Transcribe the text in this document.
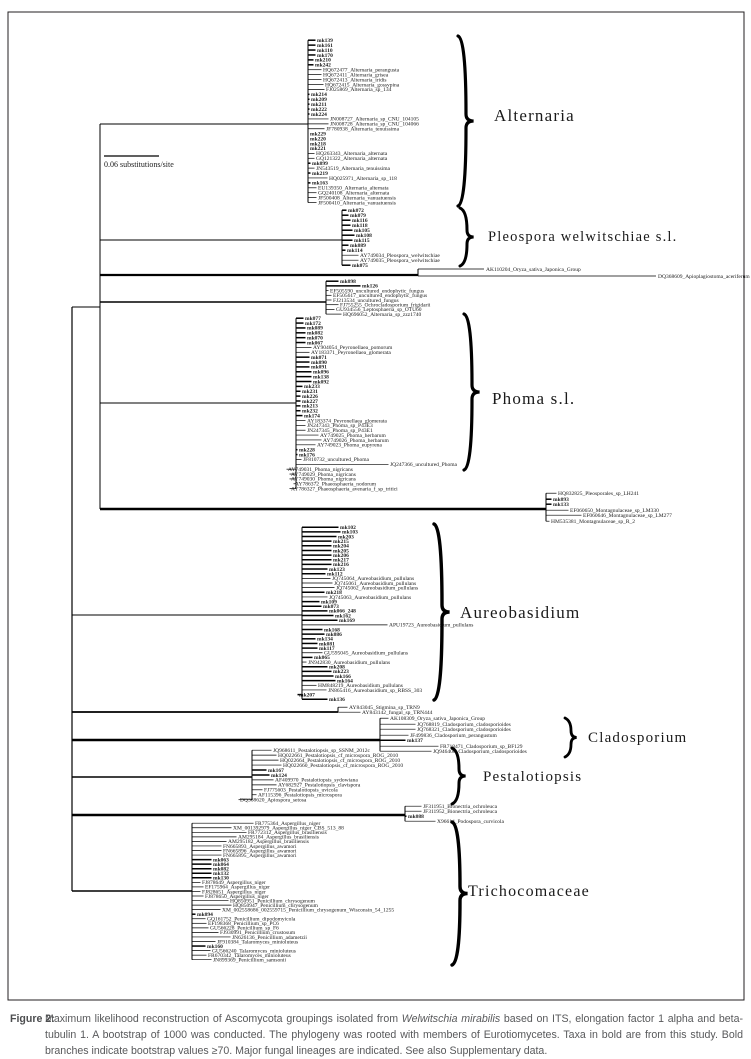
0.06 substitutions/site
mk139
mk161
mk110
mk170
mk210
mk242
HQ672477_Alternaria_perangusta
HQ672411_Alternaria_grisea
HQ672413_Alternaria_iridis
HQ672415_Alternaria_gossypina
FJ025869_Alternaria_sp_134
mk214
mk209
mk211
mk222
mk224
JN008727_Alternaria_sp_CNU_104105
JN008728_Alternaria_sp_CNU_104066
JF780938_Alternaria_tenuissima
mk229
mk220
mk218
mk221
HQ263343_Alternaria_alternata
GQ121322_Alternaria_alternata
mk099
JN543519_Alternaria_tenuissima
mk219
HQ025971_Alternaria_sp_118
mk163
EU139350_Alternaria_alternata
GQ240108_Alternaria_alternata
JF500408_Alternaria_vanuatuensis
JF500410_Alternaria_vanuatuensis
Alternaria
mk072
mk079
mk116
mk118
mk105
mk108
mk115
mk089
mk114
AY749034_Pleospora_welwitschiae
AY749035_Pleospora_welwitschiae
mk075
Pleospora welwitschiae s.l.
AK110204_Oryza_sativa_Japonica_Group
DQ368609_Apioplagiostoma_aceriferum
mk098
mk126
EF505590_uncultured_endophytic_fungus
EF505617_uncultured_endophytic_fungus
FJ213534_uncultured_fungus
FJ755255_Ochrocladosporium_frigidarii
GU934556_Leptosphaeria_sp_OTU60
HQ696052_Alternaria_sp_zzz1740
mk077
mk172
mk089
mk082
mk070
mk067
AY904054_Peyronellaea_pomorum
AY183371_Peyronellaea_glomerata
mk071
mk090
mk091
mk096
mk138
mk092
mk233
mk231
mk226
mk227
mk213
mk232
mk174
AY183374_Peyronellaea_glomerata
JN247343_Phoma_sp_P43E3
JN247345_Phoma_sp_P43E1
AY749025_Phoma_herbarum
AY749026_Phoma_herbarum
AY749023_Phoma_eupyrena
mk228
mk176
JF810732_uncultured_Phoma
JQ247366_uncultured_Phoma
AY749031_Phoma_nigricans
AY749029_Phoma_nigricans
AY749030_Phoma_nigricans
AY786372_Phaeosphaeria_nodorum
AY786327_Phaeosphaeria_avenaria_f_sp_tritici
Phoma s.l.
HQ832825_Pleosporales_sp_LH241
mk093
mk133
EF060650_Montagnulaceae_sp_LM330
EF060646_Montagnulaceae_sp_LM277
HM535381_Montagnulaceae_sp_R_2
mk102
mk103
mk203
mk215
mk204
mk205
mk206
mk217
mk216
mk123
mk112
JQ745064_Aureobasidium_pullulans
JQ745061_Aureobasidium_pullulans
JQ745062_Aureobasidium_pullulans
mk218
JQ745063_Aureobasidium_pullulans
mk109
mk073
mk066_248
mk162
mk169
APU19723_Aureobasidium_pullulans
mk168
mk086
mk134
mk081
mk117
GU595045_Aureobasidium_pullulans
mk065
JN942830_Aureobasidium_pullulans
mk208
mk223
mk166
mk164
HM848219_Aureobasidium_pullulans
JN865416_Aureobasidium_sp_RBSS_303
mk207
mk136
Aureobasidium
AY843045_Stigmina_sp_TRN9
AY843142_fungal_sp_TRN444
AK108309_Oryza_sativa_Japonica_Group
JQ768819_Cladosporium_cladosporioides
JQ768321_Cladosporium_cladosporioides
JF499836_Cladosporium_perangustum
mk137
FR718471_Cladosporium_sp_BF129
JQ946406_Cladosporium_cladosporioides
Cladosporium
JQ968611_Pestalotiopsis_sp_SSNM_2012c
HQ022661_Pestalotiopsis_cf_microspora_ROG_2010
HQ022664_Pestalotiopsis_cf_microspora_ROG_2010
HQ022660_Pestalotiopsis_cf_microspora_ROG_2010
mk167
mk124
AF409970_Pestalotiopsis_sydowiana
AY682927_Pestalotiopsis_clavispora
FJ775603_Pestalotiopsis_uvicola
AF115396_Pestalotiopsis_microspora
DQ368620_Apiospora_setosa
Pestalotiopsis
JF311951_Bionectria_ochroleuca
JF311952_Bionectria_ochroleuca
mk088
X96614_Podospora_curvicola
FR775364_Aspergillus_niger
XM_001392979_Aspergillus_niger_CBS_513_88
FR772312_Aspergillus_brasiliensis
AM295184_Aspergillus_brasiliensis
AM295182_Aspergillus_brasiliensis
FN665893_Aspergillus_awamori
FN665896_Aspergillus_awamori
FN665895_Aspergillus_awamori
mk063
mk064
mk082
mk132
mk130
FJ878649_Aspergillus_niger
EF175964_Aspergillus_niger
FJ828651_Aspergillus_niger
FJ878650_Aspergillus_niger
HQ850951_Penicillium_chrysogenum
HQ850947_Penicillium_chrysogenum
XM_002558686_002559715_Penicillium_chrysogenum_Wisconsin_54_1255
mk094
GQ161752_Penicillium_dipodomyicola
EF198368_Penicillium_sp_PC6
GU566228_Penicillium_sp_F6
FJ930991_Penicillium_crustosum
JN626136_Penicillium_adametzii
JF910384_Talaromyces_minioluteus
mk160
GU566240_Talaromyces_minioluteus
FR670342_Talaromyces_minioluteus
JN899369_Penicillium_samsonii
Trichocomaceae
Figure 2:
Maximum likelihood reconstruction of Ascomycota groupings isolated from Welwitschia mirabilis based on ITS, elongation factor 1 alpha and beta-tubulin 1. A bootstrap of 1000 was conducted. The phylogeny was rooted with members of Eurotiomycetes. Taxa in bold are from this study. Bold branches indicate bootstrap values ≥70. Major fungal lineages are indicated. See also Supplementary data.
